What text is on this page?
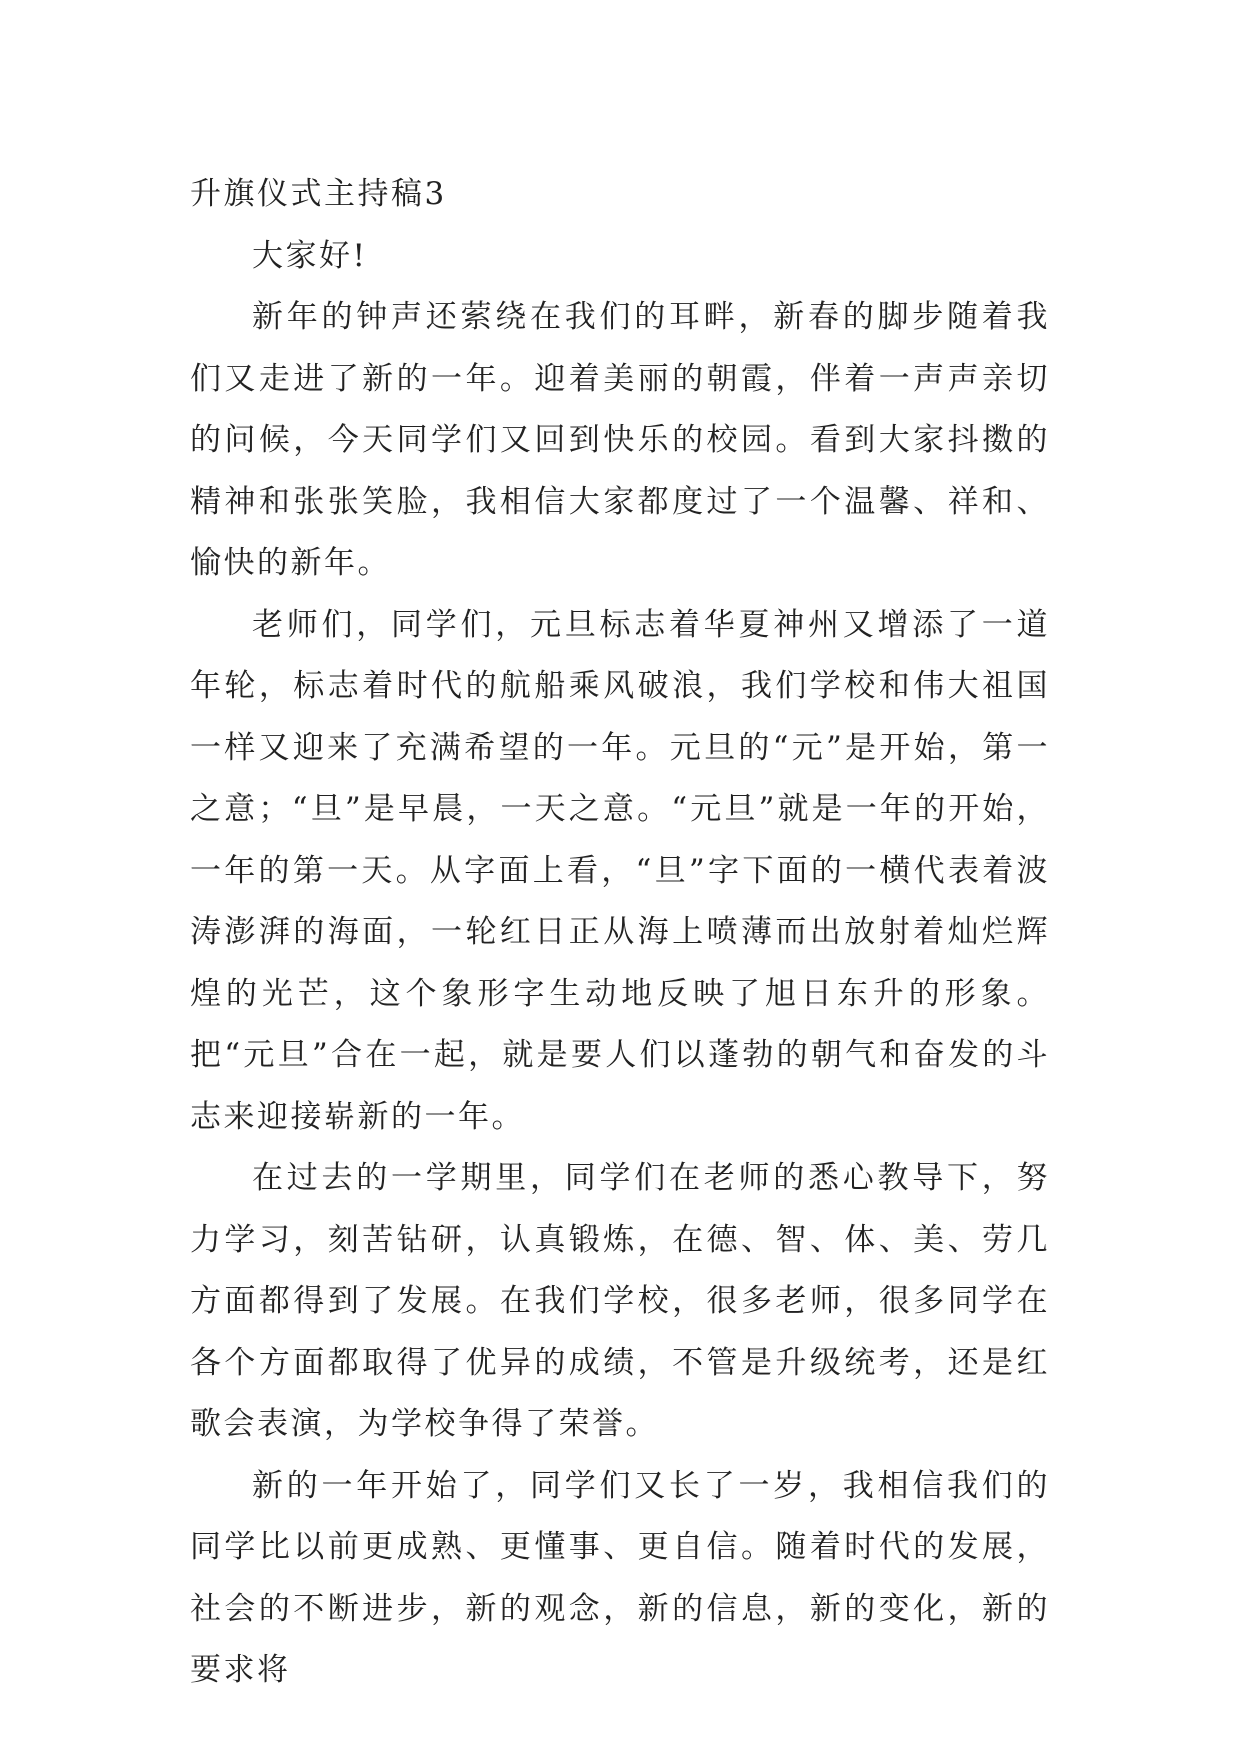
升旗仪式主持稿3

大家好!

新年的钟声还萦绕在我们的耳畔，新春的脚步随着我们又走进了新的一年。迎着美丽的朝霞，伴着一声声亲切的问候，今天同学们又回到快乐的校园。看到大家抖擞的精神和张张笑脸，我相信大家都度过了一个温馨、祥和、愉快的新年。

老师们，同学们，元旦标志着华夏神州又增添了一道年轮，标志着时代的航船乘风破浪，我们学校和伟大祖国一样又迎来了充满希望的一年。元旦的“元”是开始，第一之意；“旦”是早晨，一天之意。“元旦”就是一年的开始，一年的第一天。从字面上看，“旦”字下面的一横代表着波涛澎湃的海面，一轮红日正从海上喷薄而出放射着灿烂辉煌的光芒，这个象形字生动地反映了旭日东升的形象。把“元旦”合在一起，就是要人们以蓬勃的朝气和奋发的斗志来迎接崭新的一年。

在过去的一学期里，同学们在老师的悉心教导下，努力学习，刻苦钻研，认真锻炼，在德、智、体、美、劳几方面都得到了发展。在我们学校，很多老师，很多同学在各个方面都取得了优异的成绩，不管是升级统考，还是红歌会表演，为学校争得了荣誉。

新的一年开始了，同学们又长了一岁，我相信我们的同学比以前更成熟、更懂事、更自信。随着时代的发展，社会的不断进步，新的观念，新的信息，新的变化，新的要求将
